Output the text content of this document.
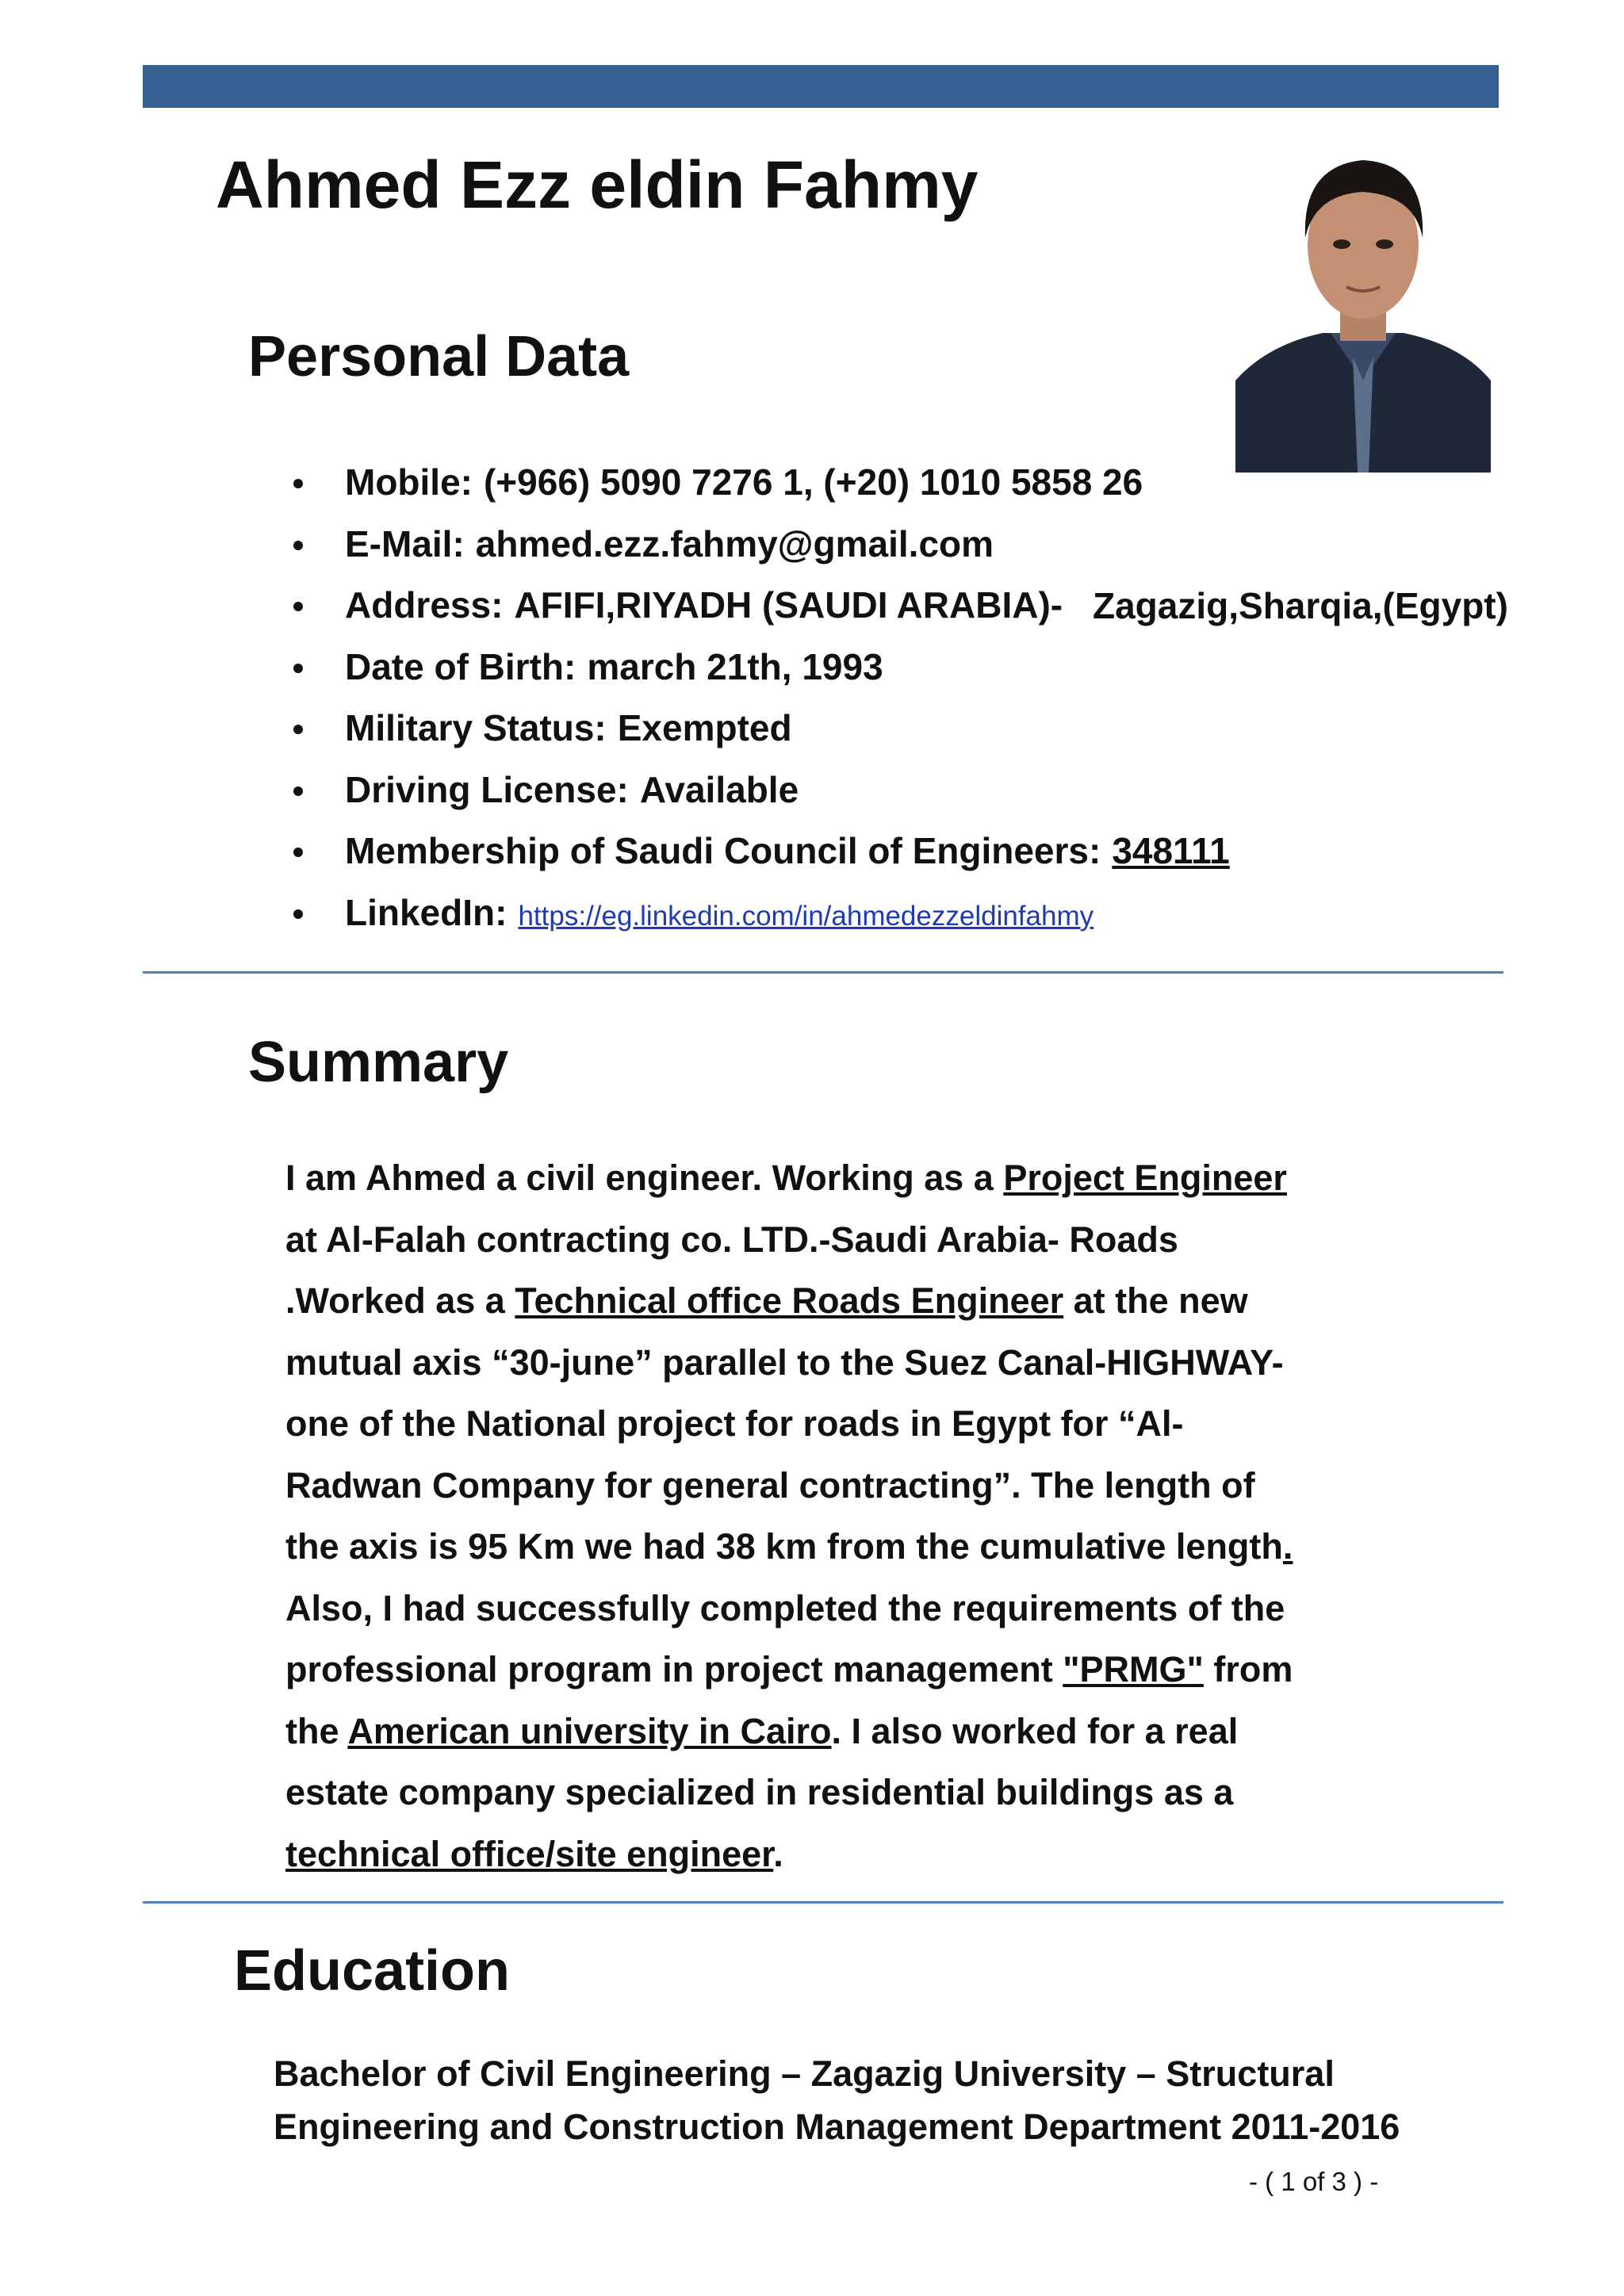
Ahmed Ezz eldin Fahmy
Personal Data
Mobile: (+966) 5090 7276 1, (+20) 1010 5858 26
E-Mail: ahmed.ezz.fahmy@gmail.com
Address: AFIFI,RIYADH (SAUDI ARABIA)-
Date of Birth: march 21th, 1993
Military Status: Exempted
Driving License: Available
Membership of Saudi Council of Engineers: 348111
LinkedIn: https://eg.linkedin.com/in/ahmedezzeldinfahmy
Zagazig,Sharqia,(Egypt)
Summary
I am Ahmed a civil engineer. Working as a Project Engineer
at Al-Falah contracting co. LTD.-Saudi Arabia- Roads
.Worked as a Technical office Roads Engineer at the new
mutual axis “30-june” parallel to the Suez Canal-HIGHWAY-
one of the National project for roads in Egypt for “Al-
Radwan Company for general contracting”. The length of
the axis is 95 Km we had 38 km from the cumulative length.
Also, I had successfully completed the requirements of the
professional program in project management "PRMG" from
the American university in Cairo. I also worked for a real
estate company specialized in residential buildings as a
technical office/site engineer.
Education
Bachelor of Civil Engineering – Zagazig University – Structural
Engineering and Construction Management Department 2011-2016
- ( 1 of 3 ) -
